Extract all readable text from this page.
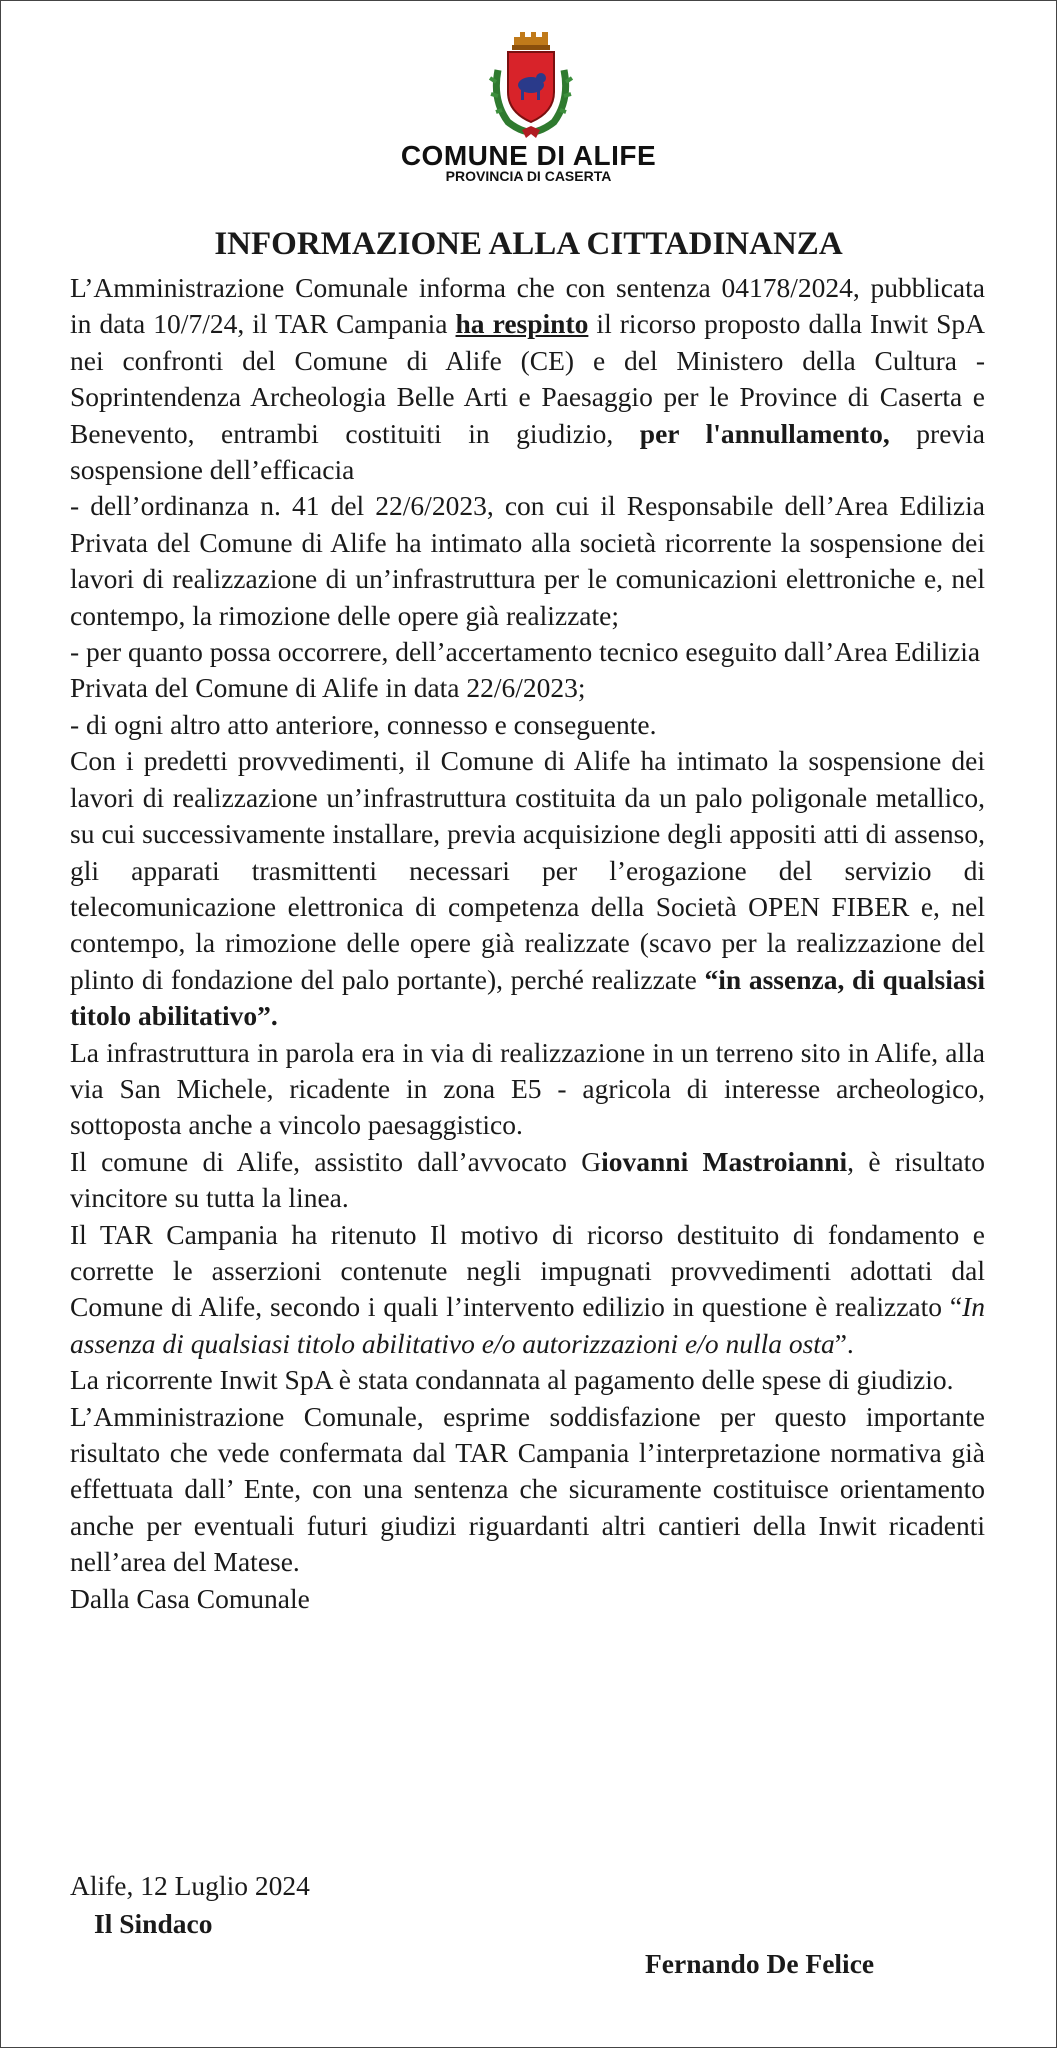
COMUNE DI ALIFE
PROVINCIA DI CASERTA
INFORMAZIONE ALLA CITTADINANZA

L’Amministrazione Comunale informa che con sentenza 04178/2024, pubblicata in data 10/7/24, il TAR Campania ha respinto il ricorso proposto dalla Inwit SpA nei confronti del Comune di Alife (CE) e del Ministero della Cultura - Soprintendenza Archeologia Belle Arti e Paesaggio per le Province di Caserta e Benevento, entrambi costituiti in giudizio, per l'annullamento, previa sospensione dell’efficacia

- dell’ordinanza n. 41 del 22/6/2023, con cui il Responsabile dell’Area Edilizia Privata del Comune di Alife ha intimato alla società ricorrente la sospensione dei lavori di realizzazione di un’infrastruttura per le comunicazioni elettroniche e, nel contempo, la rimozione delle opere già realizzate;

- per quanto possa occorrere, dell’accertamento tecnico eseguito dall’Area Edilizia Privata del Comune di Alife in data 22/6/2023;

- di ogni altro atto anteriore, connesso e conseguente.

Con i predetti provvedimenti, il Comune di Alife ha intimato la sospensione dei lavori di realizzazione un’infrastruttura costituita da un palo poligonale metallico, su cui successivamente installare, previa acquisizione degli appositi atti di assenso, gli apparati trasmittenti necessari per l’erogazione del servizio di telecomunicazione elettronica di competenza della Società OPEN FIBER e, nel contempo, la rimozione delle opere già realizzate (scavo per la realizzazione del plinto di fondazione del palo portante), perché realizzate “in assenza, di qualsiasi titolo abilitativo”.

La infrastruttura in parola era in via di realizzazione in un terreno sito in Alife, alla via San Michele, ricadente in zona E5 - agricola di interesse archeologico, sottoposta anche a vincolo paesaggistico.

Il comune di Alife, assistito dall’avvocato Giovanni Mastroianni, è risultato vincitore su tutta la linea.

Il TAR Campania ha ritenuto Il motivo di ricorso destituito di fondamento e corrette le asserzioni contenute negli impugnati provvedimenti adottati dal Comune di Alife, secondo i quali l’intervento edilizio in questione è realizzato “In assenza di qualsiasi titolo abilitativo e/o autorizzazioni e/o nulla osta”.

La ricorrente Inwit SpA è stata condannata al pagamento delle spese di giudizio.

L’Amministrazione Comunale, esprime soddisfazione per questo importante risultato che vede confermata dal TAR Campania l’interpretazione normativa già effettuata dall’ Ente, con una sentenza che sicuramente costituisce orientamento anche per eventuali futuri giudizi riguardanti altri cantieri della Inwit ricadenti nell’area del Matese.

Dalla Casa Comunale

Alife, 12 Luglio 2024
Il Sindaco
Fernando De Felice
